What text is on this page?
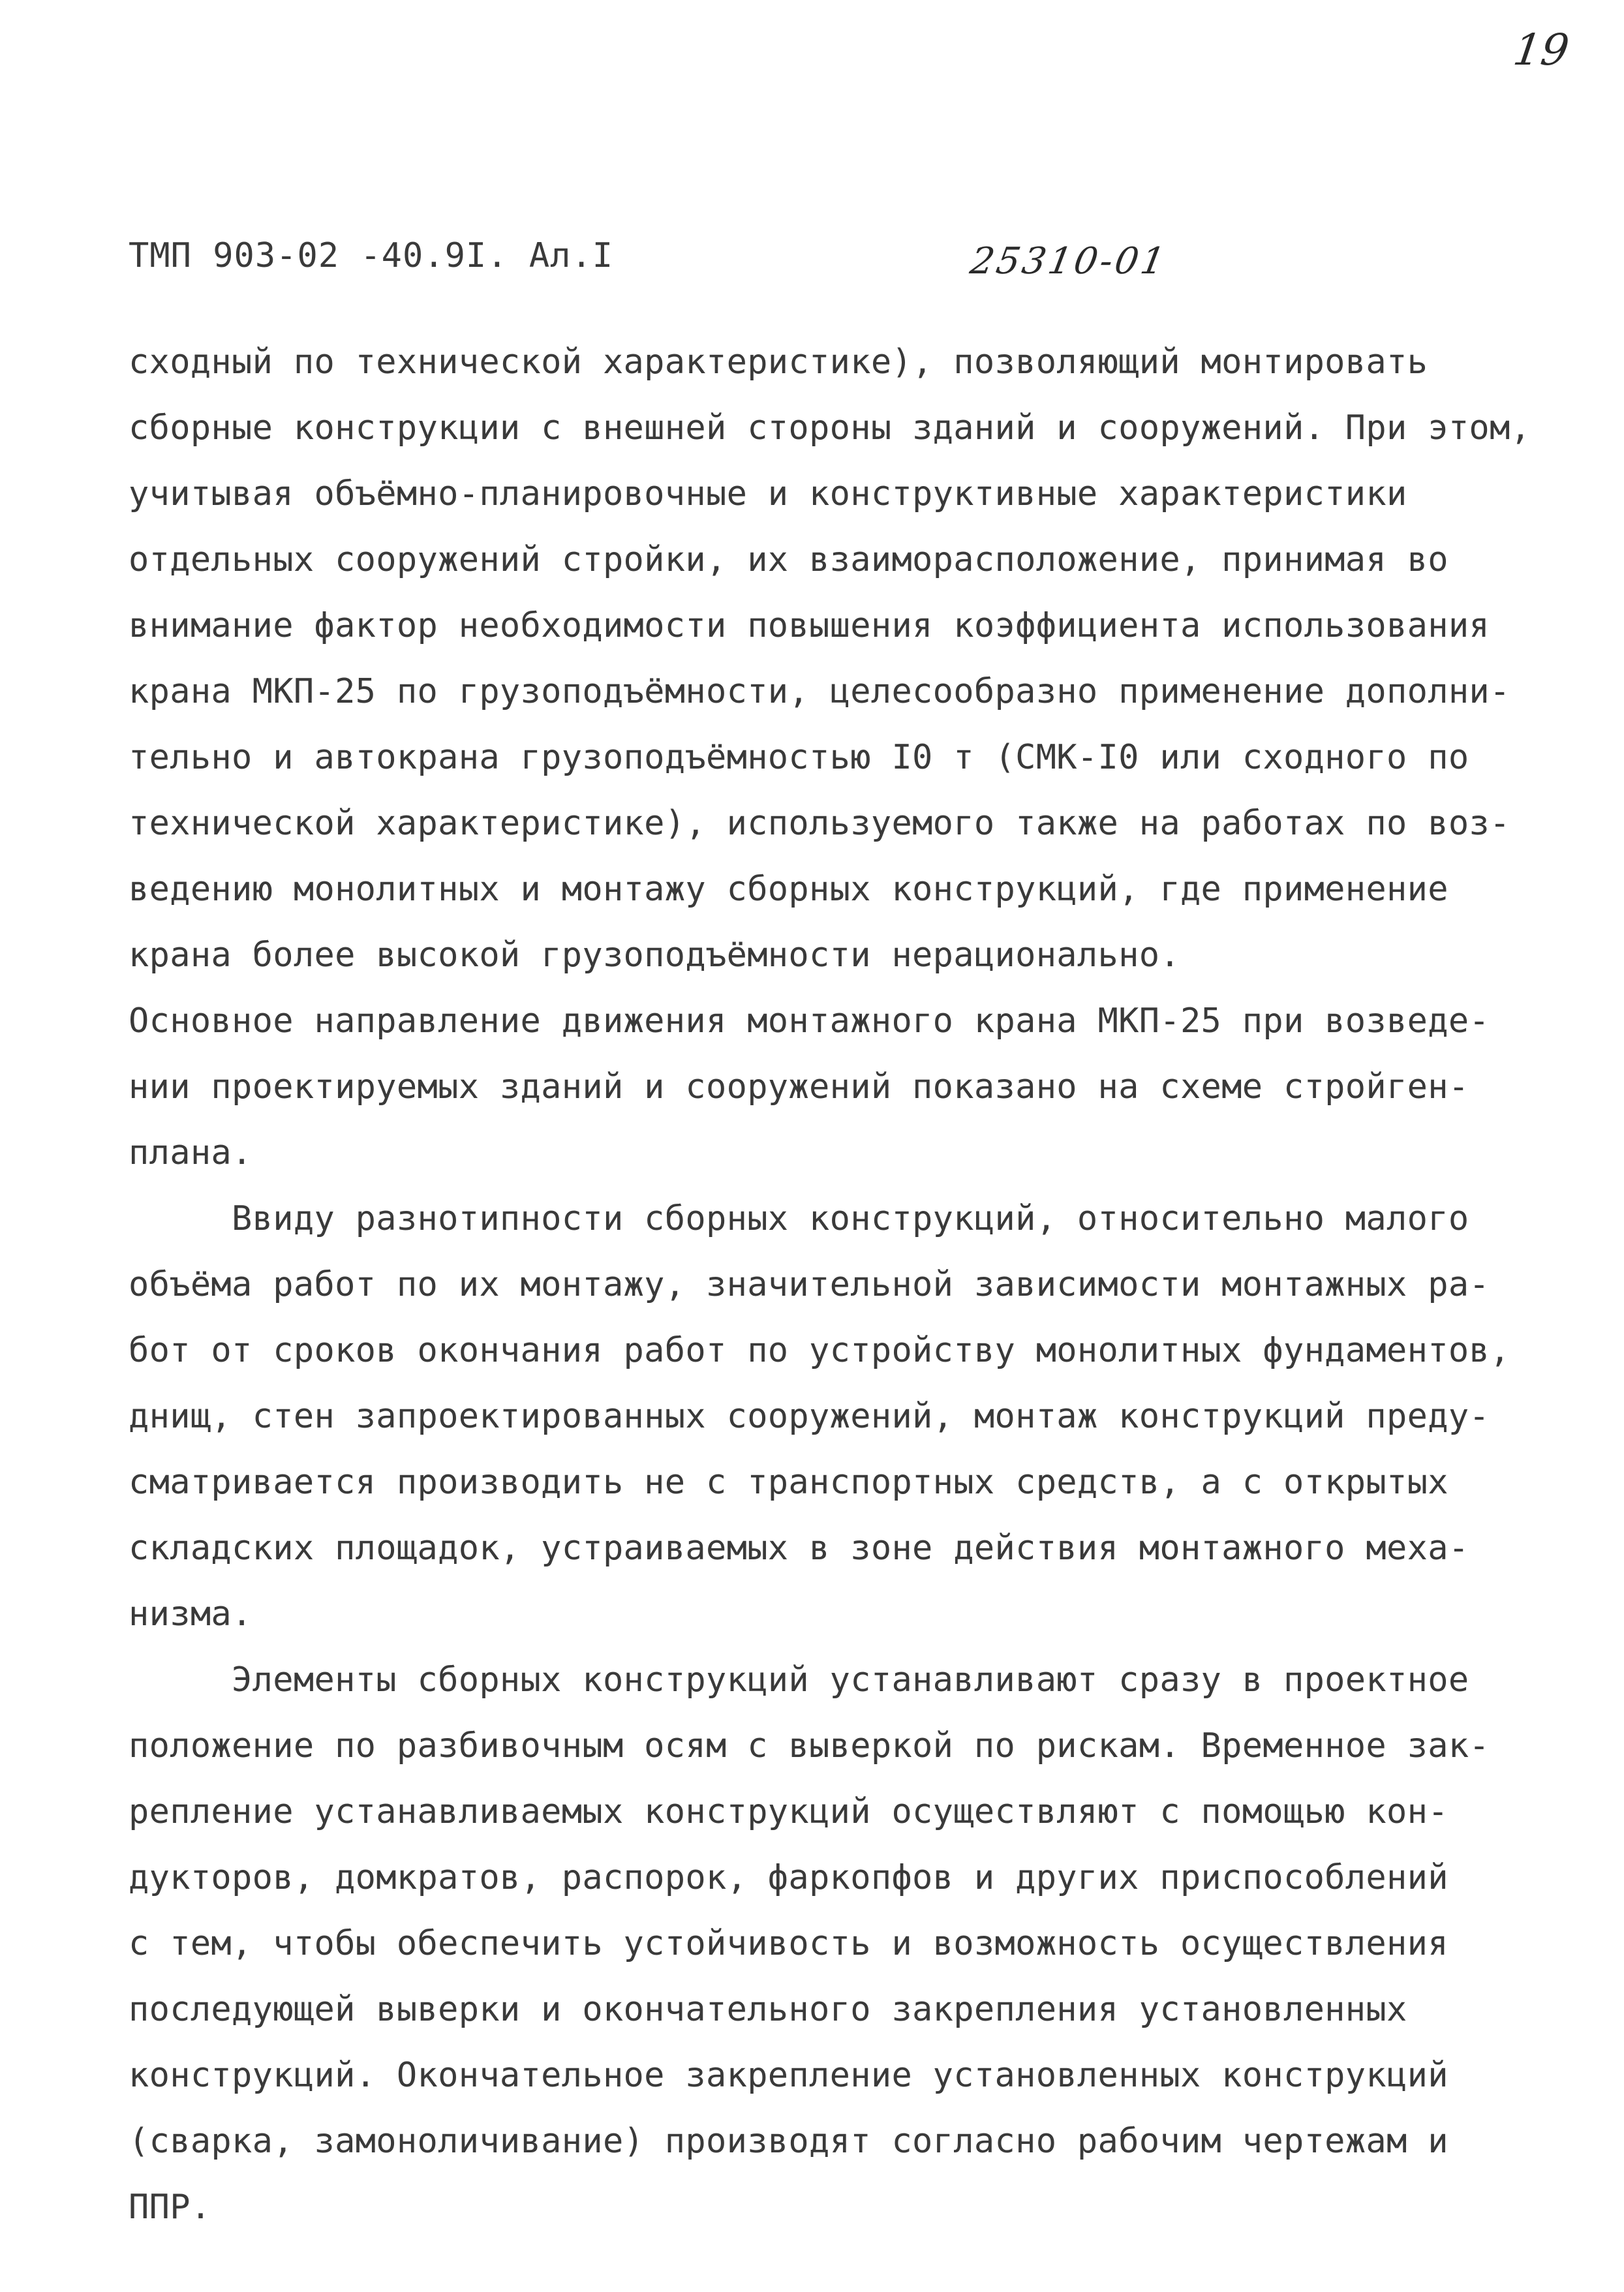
19
ТМП 903-02 -40.9I. Ал.I	25310-01
сходный по технической характеристике), позволяющий монтировать
сборные конструкции с внешней стороны зданий и сооружений. При этом,
учитывая объёмно-планировочные и конструктивные характеристики
отдельных сооружений стройки, их взаиморасположение, принимая во
внимание фактор необходимости повышения коэффициента использования
крана МКП-25 по грузоподъёмности, целесообразно применение дополни-
тельно и автокрана грузоподъёмностью I0 т (СМК-I0 или сходного по
технической характеристике), используемого также на работах по воз-
ведению монолитных и монтажу сборных конструкций, где применение
крана более высокой грузоподъёмности нерационально.
Основное направление движения монтажного крана МКП-25 при возведе-
нии проектируемых зданий и сооружений показано на схеме стройген-
плана.
Ввиду разнотипности сборных конструкций, относительно малого
объёма работ по их монтажу, значительной зависимости монтажных ра-
бот от сроков окончания работ по устройству монолитных фундаментов,
днищ, стен запроектированных сооружений, монтаж конструкций преду-
сматривается производить не с транспортных средств, а с открытых
складских площадок, устраиваемых в зоне действия монтажного меха-
низма.
Элементы сборных конструкций устанавливают сразу в проектное
положение по разбивочным осям с выверкой по рискам. Временное зак-
репление устанавливаемых конструкций осуществляют с помощью кон-
дукторов, домкратов, распорок, фаркопфов и других приспособлений
с тем, чтобы обеспечить устойчивость и возможность осуществления
последующей выверки и окончательного закрепления установленных
конструкций. Окончательное закрепление установленных конструкций
(сварка, замоноличивание) производят согласно рабочим чертежам и
ППР.
